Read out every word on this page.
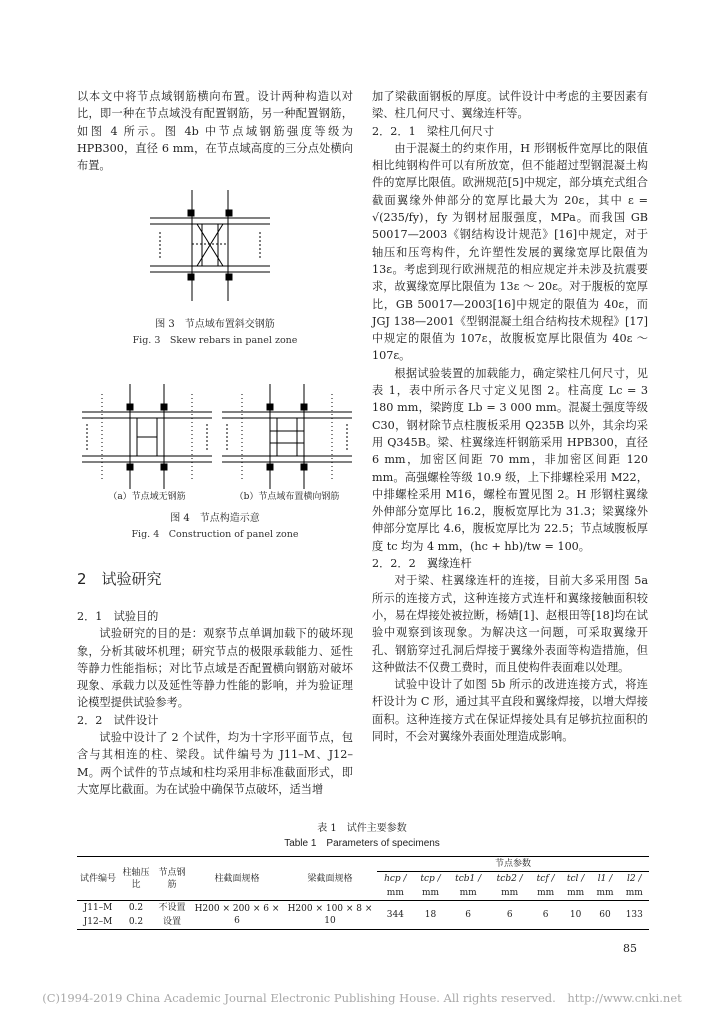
以本文中将节点域钢筋横向布置。设计两种构造以对比，即一种在节点域没有配置钢筋，另一种配置钢筋，如图 4 所示。图 4b 中节点域钢筋强度等级为 HPB300，直径 6 mm，在节点域高度的三分点处横向布置。

图 3　节点域布置斜交钢筋
Fig. 3　Skew rebars in panel zone
（a）节点域无钢筋	（b）节点域布置横向钢筋
图 4　节点构造示意
Fig. 4　Construction of panel zone
2　试验研究

2．1　试验目的

试验研究的目的是：观察节点单调加载下的破坏现象，分析其破坏机理；研究节点的极限承载能力、延性等静力性能指标；对比节点域是否配置横向钢筋对破坏现象、承载力以及延性等静力性能的影响，并为验证理论模型提供试验参考。

2．2　试件设计

试验中设计了 2 个试件，均为十字形平面节点，包含与其相连的柱、梁段。试件编号为 J11–M、J12–M。两个试件的节点域和柱均采用非标准截面形式，即大宽厚比截面。为在试验中确保节点破坏，适当增

加了梁截面钢板的厚度。试件设计中考虑的主要因素有梁、柱几何尺寸、翼缘连杆等。

2．2．1　梁柱几何尺寸

由于混凝土的约束作用，H 形钢板件宽厚比的限值相比纯钢构件可以有所放宽，但不能超过型钢混凝土构件的宽厚比限值。欧洲规范[5]中规定，部分填充式组合截面翼缘外伸部分的宽厚比最大为 20ε，其中 ε = √(235/fy)，fy 为钢材屈服强度，MPa。而我国 GB 50017—2003《钢结构设计规范》[16]中规定，对于轴压和压弯构件，允许塑性发展的翼缘宽厚比限值为 13ε。考虑到现行欧洲规范的相应规定并未涉及抗震要求，故翼缘宽厚比限值为 13ε ～ 20ε。对于腹板的宽厚比，GB 50017—2003[16]中规定的限值为 40ε，而 JGJ 138—2001《型钢混凝土组合结构技术规程》[17]中规定的限值为 107ε，故腹板宽厚比限值为 40ε ～ 107ε。

根据试验装置的加载能力，确定梁柱几何尺寸，见表 1，表中所示各尺寸定义见图 2。柱高度 Lc = 3 180 mm，梁跨度 Lb = 3 000 mm。混凝土强度等级 C30，钢材除节点柱腹板采用 Q235B 以外，其余均采用 Q345B。梁、柱翼缘连杆钢筋采用 HPB300，直径 6 mm，加密区间距 70 mm，非加密区间距 120 mm。高强螺栓等级 10.9 级，上下排螺栓采用 M22，中排螺栓采用 M16，螺栓布置见图 2。H 形钢柱翼缘外伸部分宽厚比 16.2，腹板宽厚比为 31.3；梁翼缘外伸部分宽厚比 4.6，腹板宽厚比为 22.5；节点域腹板厚度 tc 均为 4 mm，(hc + hb)/tw = 100。

2．2．2　翼缘连杆

对于梁、柱翼缘连杆的连接，目前大多采用图 5a 所示的连接方式，这种连接方式连杆和翼缘接触面积较小，易在焊接处被拉断，杨婧[1]、赵根田等[18]均在试验中观察到该现象。为解决这一问题，可采取翼缘开孔、钢筋穿过孔洞后焊接于翼缘外表面等构造措施，但这种做法不仅费工费时，而且使构件表面难以处理。

试验中设计了如图 5b 所示的改进连接方式，将连杆设计为 C 形，通过其平直段和翼缘焊接，以增大焊接面积。这种连接方式在保证焊接处具有足够抗拉面积的同时，不会对翼缘外表面处理造成影响。

表 1　试件主要参数
Table 1　Parameters of specimens
试件编号	柱轴压比	节点钢筋	柱截面规格	梁截面规格	节点参数							
					hcp /	tcp /	tcb1 /	tcb2 /	tcf /	tcl /	l1 /	l2 /
					mm	mm	mm	mm	mm	mm	mm	mm
J11–M	0.2	不设置	H200 × 200 × 6 × 6	H200 × 100 × 8 × 10	344	18	6	6	6	10	60	133
J12–M	0.2	设置										
85
(C)1994-2019 China Academic Journal Electronic Publishing House. All rights reserved.　http://www.cnki.net
